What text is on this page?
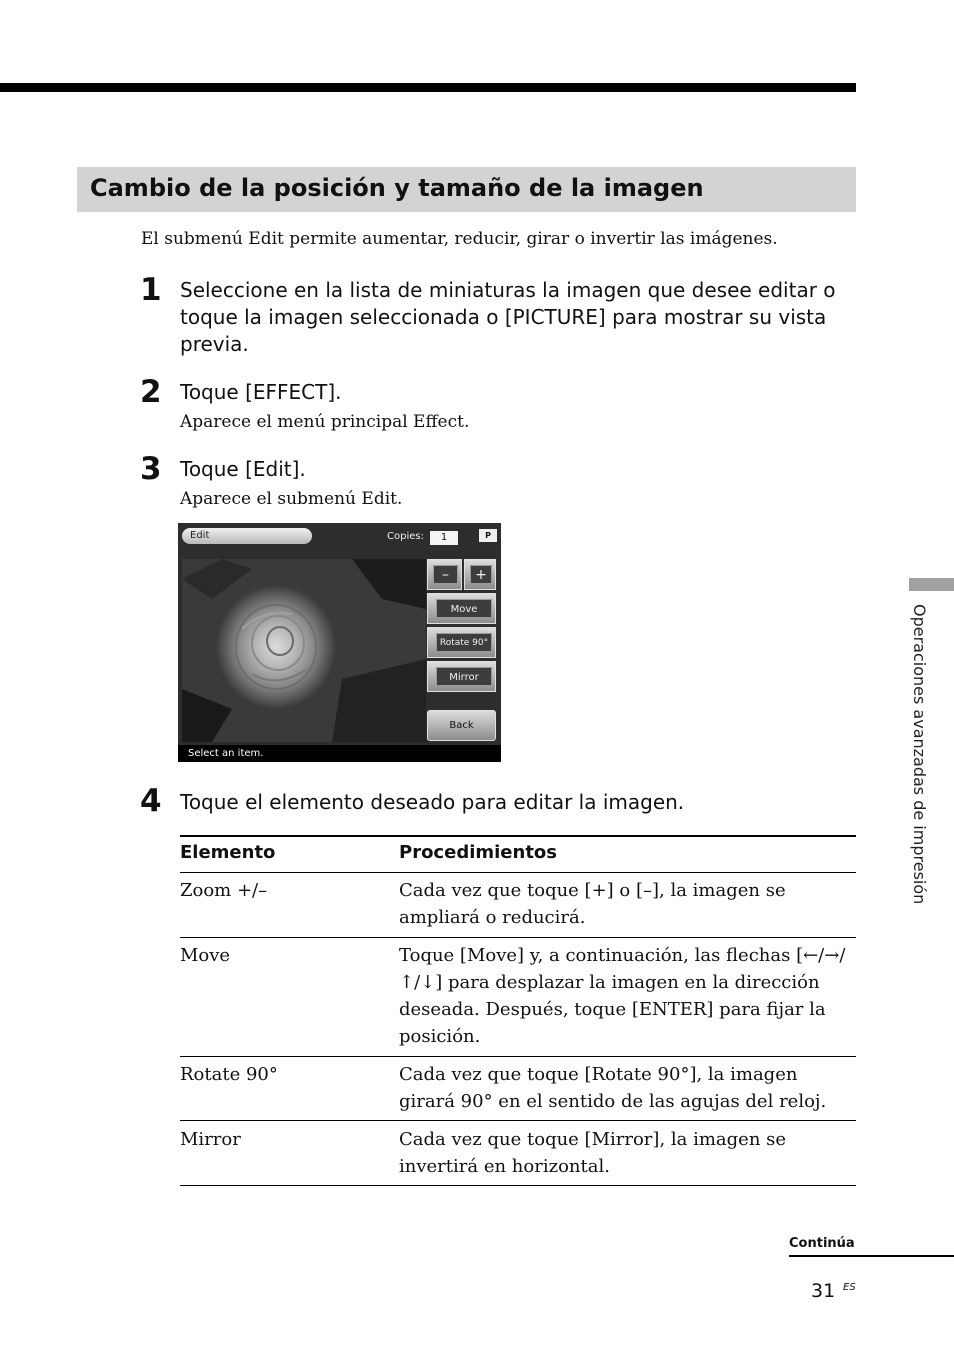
Cambio de la posición y tamaño de la imagen
El submenú Edit permite aumentar, reducir, girar o invertir las imágenes.
1 Seleccione en la lista de miniaturas la imagen que desee editar o toque la imagen seleccionada o [PICTURE] para mostrar su vista previa.
2 Toque [EFFECT].
Aparece el menú principal Effect.
3 Toque [Edit].
Aparece el submenú Edit.
Edit	Copies:	1	P
–	+
Move
Rotate 90°
Mirror
Back
Select an item.
4 Toque el elemento deseado para editar la imagen.
Elemento	Procedimientos
Zoom +/–	Cada vez que toque [+] o [–], la imagen se ampliará o reducirá.
Move	Toque [Move] y, a continuación, las flechas [←/→/↑/↓] para desplazar la imagen en la dirección deseada. Después, toque [ENTER] para fijar la posición.
Rotate 90°	Cada vez que toque [Rotate 90°], la imagen girará 90° en el sentido de las agujas del reloj.
Mirror	Cada vez que toque [Mirror], la imagen se invertirá en horizontal.
Operaciones avanzadas de impresión
Continúa
31 ES
